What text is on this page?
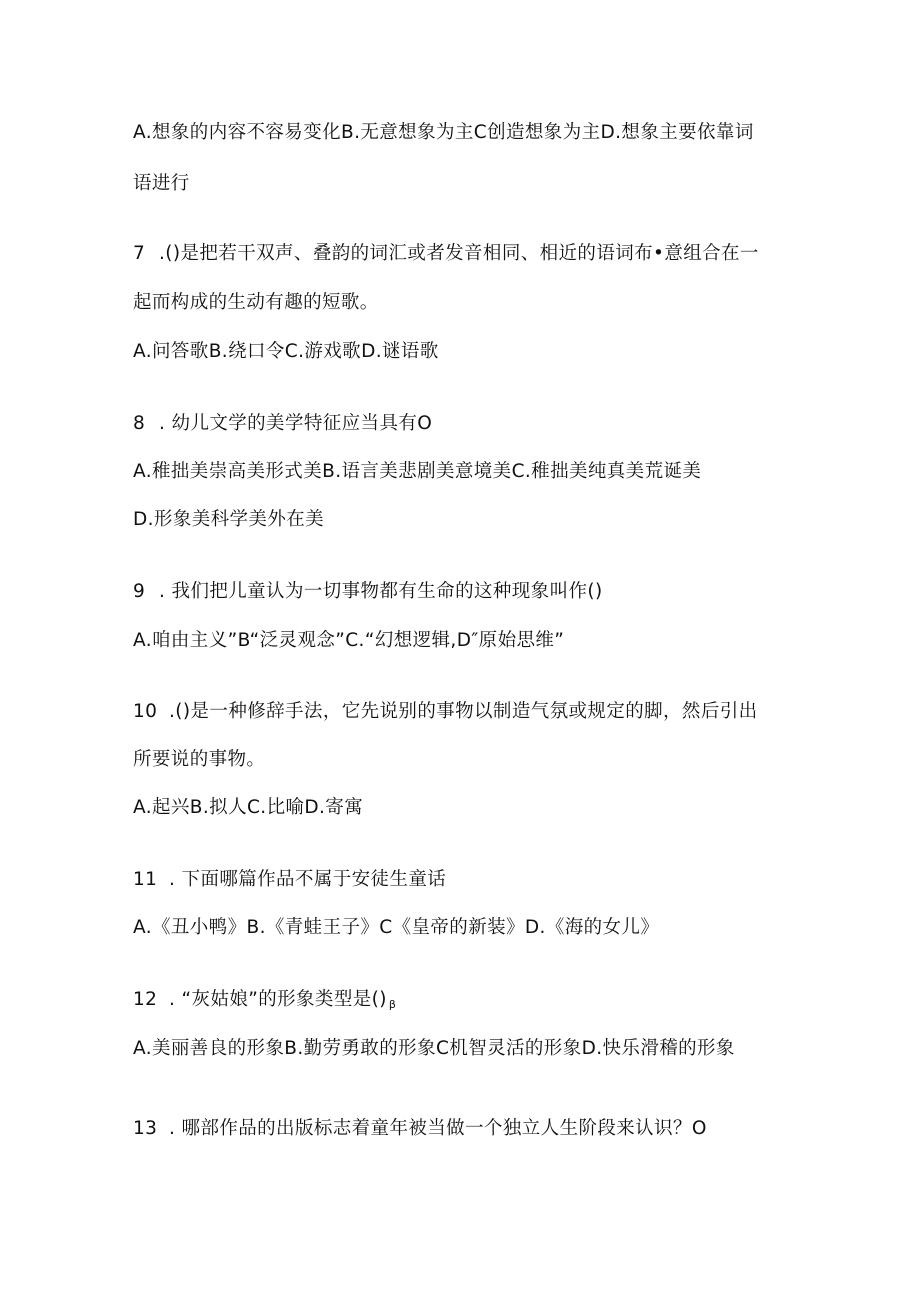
A.想象的内容不容易变化B.无意想象为主C创造想象为主D.想象主要依靠词
语进行
7 .()是把若干双声、叠韵的词汇或者发音相同、相近的语词布•意组合在一
起而构成的生动有趣的短歌。
A.问答歌B.绕口令C.游戏歌D.谜语歌
8 . 幼儿文学的美学特征应当具有O
A.稚拙美崇高美形式美B.语言美悲剧美意境美C.稚拙美纯真美荒诞美
D.形象美科学美外在美
9 . 我们把儿童认为一切事物都有生命的这种现象叫作()
A.咱由主义”B“泛灵观念”C.“幻想逻辑,D″原始思维”
10 .()是一种修辞手法，它先说别的事物以制造气氛或规定的脚，然后引出
所要说的事物。
A.起兴B.拟人C.比喻D.寄寓
11 . 下面哪篇作品不属于安徒生童话
A.《丑小鸭》B.《青蛙王子》C《皇帝的新装》D.《海的女儿》
12 . “灰姑娘”的形象类型是() β
A.美丽善良的形象B.勤劳勇敢的形象C机智灵活的形象D.快乐滑稽的形象
13 . 哪部作品的出版标志着童年被当做一个独立人生阶段来认识？O
